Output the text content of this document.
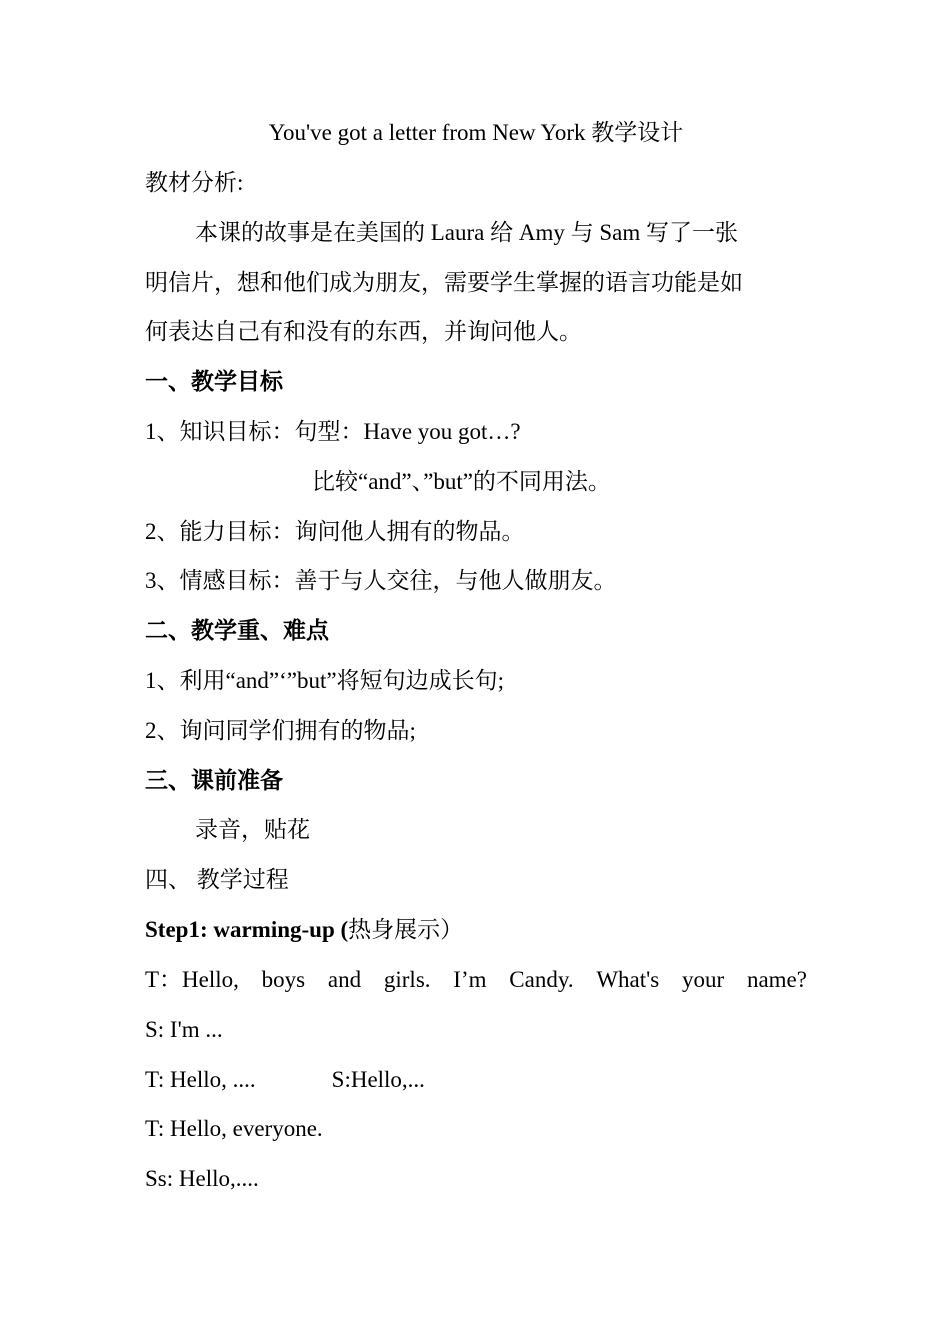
You've got a letter from New York 教学设计
教材分析:
本课的故事是在美国的 Laura 给 Amy 与 Sam 写了一张
明信片，想和他们成为朋友，需要学生掌握的语言功能是如
何表达自己有和没有的东西，并询问他人。
一、教学目标
1、知识目标：句型：Have you got…?
比较“and”、”but”的不同用法。
2、能力目标：询问他人拥有的物品。
3、情感目标：善于与人交往，与他人做朋友。
二、教学重、难点
1、利用“and”‘”but”将短句边成长句;
2、询问同学们拥有的物品;
三、课前准备
录音，贴花
四、 教学过程
Step1: warming-up (热身展示）
T：Hello, boys and girls. I’m Candy. What's your name?
S: I'm ...
T: Hello, ....	S:Hello,...
T: Hello, everyone.
Ss: Hello,....
